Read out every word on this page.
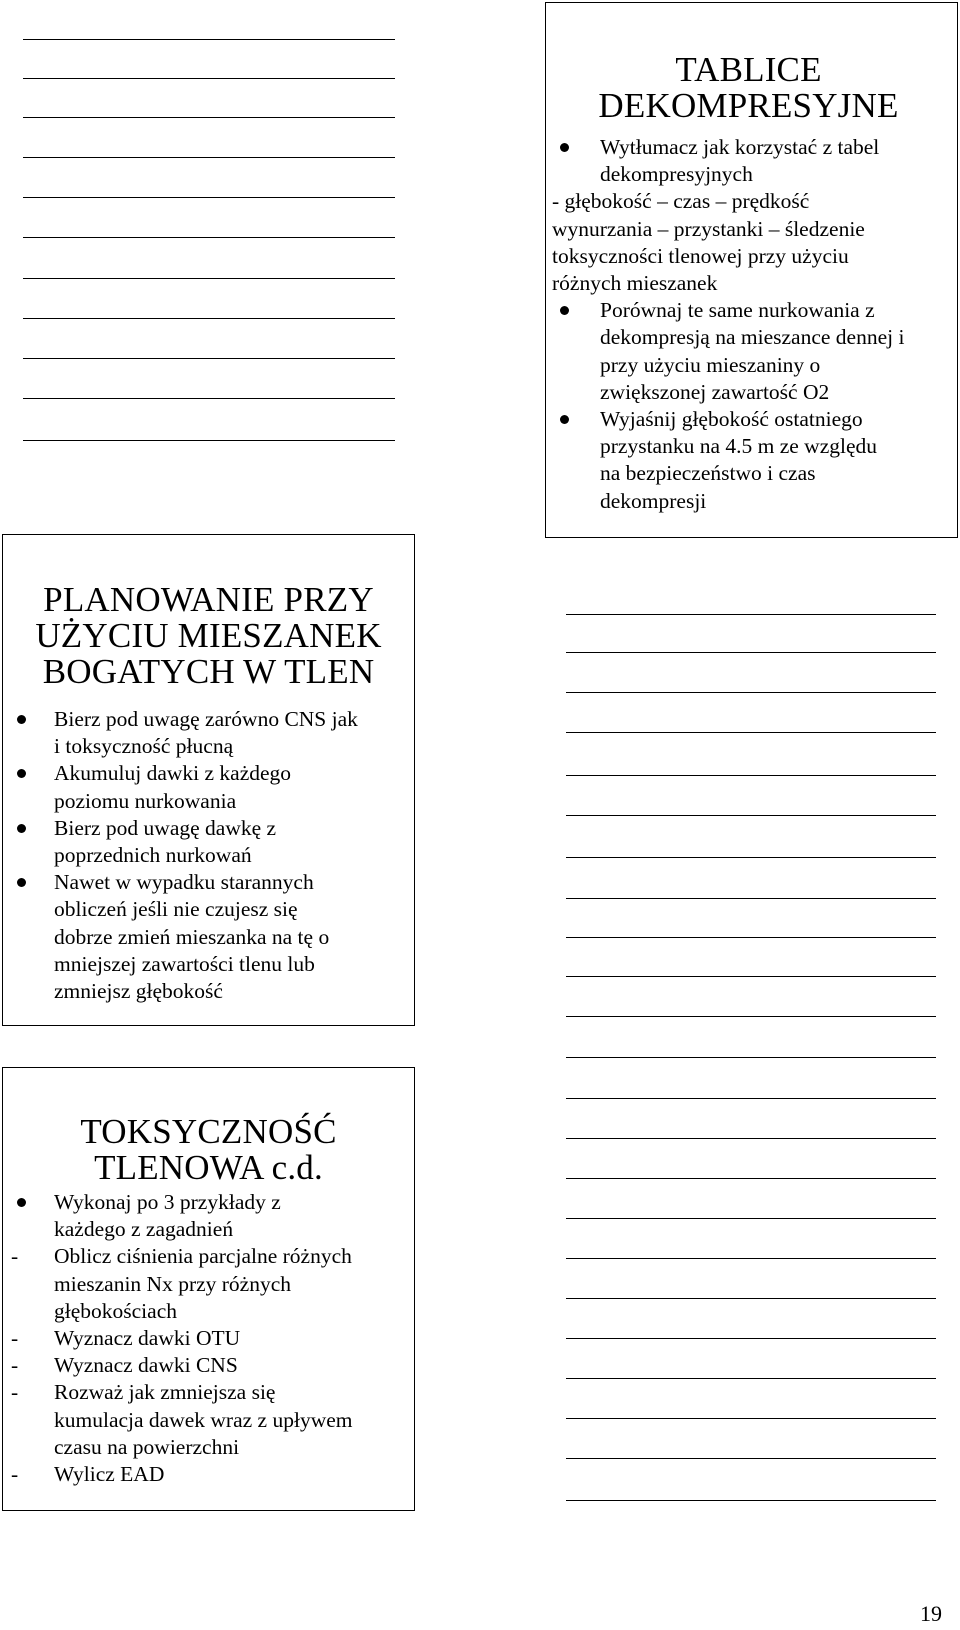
TABLICE
DEKOMPRESYJNE
Wytłumacz jak korzystać z tabel
dekompresyjnych
- głębokość – czas – prędkość
wynurzania – przystanki – śledzenie
toksyczności tlenowej przy użyciu
różnych mieszanek
Porównaj te same nurkowania z
dekompresją na mieszance dennej i
przy użyciu mieszaniny o
zwiększonej zawartość O2
Wyjaśnij głębokość ostatniego
przystanku na 4.5 m ze względu
na bezpieczeństwo i czas
dekompresji
PLANOWANIE PRZY
UŻYCIU MIESZANEK
BOGATYCH W TLEN
Bierz pod uwagę zarówno CNS jak
i toksyczność płucną
Akumuluj dawki z każdego
poziomu nurkowania
Bierz pod uwagę dawkę z
poprzednich nurkowań
Nawet w wypadku starannych
obliczeń jeśli nie czujesz się
dobrze zmień mieszanka na tę o
mniejszej zawartości tlenu lub
zmniejsz głębokość
TOKSYCZNOŚĆ
TLENOWA c.d.
Wykonaj po 3 przykłady z
każdego z zagadnień
- Oblicz ciśnienia parcjalne różnych
mieszanin Nx przy różnych
głębokościach
- Wyznacz dawki OTU
- Wyznacz dawki CNS
- Rozważ jak zmniejsza się
kumulacja dawek wraz z upływem
czasu na powierzchni
- Wylicz EAD
19
